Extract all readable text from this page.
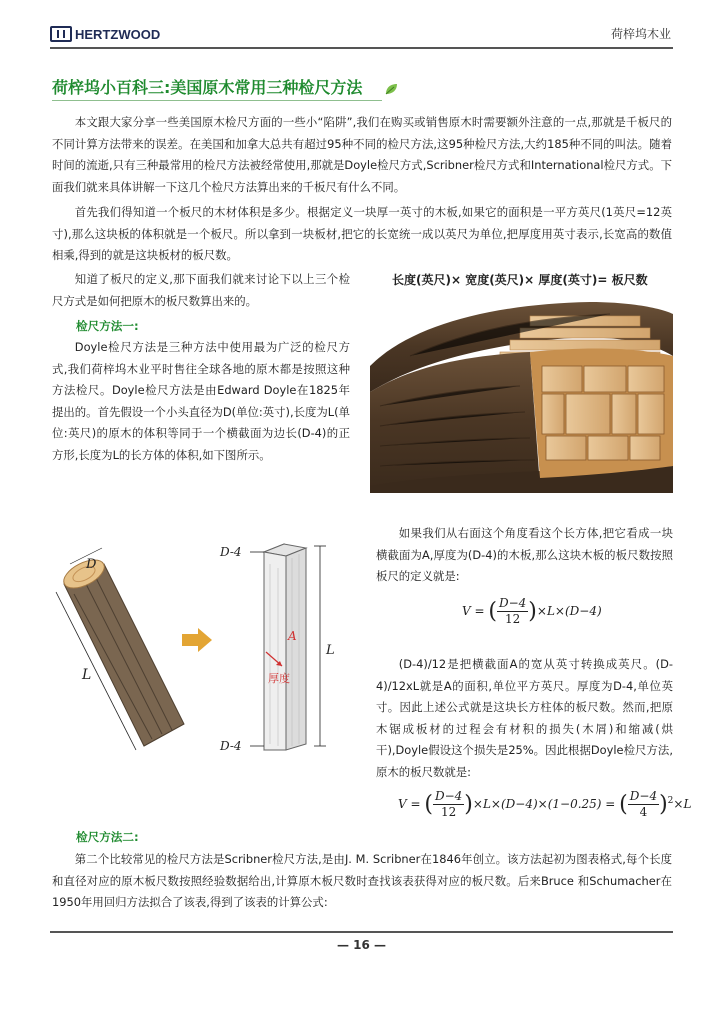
HERTZWOOD	荷梓坞木业
荷梓坞小百科三:美国原木常用三种检尺方法

本文跟大家分享一些美国原木检尺方面的一些小“陷阱”,我们在购买或销售原木时需要额外注意的一点,那就是千板尺的不同计算方法带来的误差。在美国和加拿大总共有超过95种不同的检尺方法,这95种检尺方法,大约185种不同的叫法。随着时间的流逝,只有三种最常用的检尺方法被经常使用,那就是Doyle检尺方式,Scribner检尺方式和International检尺方式。下面我们就来具体讲解一下这几个检尺方法算出来的千板尺有什么不同。

首先我们得知道一个板尺的木材体积是多少。根据定义一块厚一英寸的木板,如果它的面积是一平方英尺(1英尺=12英寸),那么这块板的体积就是一个板尺。所以拿到一块板材,把它的长宽统一成以英尺为单位,把厚度用英寸表示,长宽高的数值相乘,得到的就是这块板材的板尺数。

知道了板尺的定义,那下面我们就来讨论下以上三个检尺方式是如何把原木的板尺数算出来的。

检尺方法一:

Doyle检尺方法是三种方法中使用最为广泛的检尺方式,我们荷梓坞木业平时售往全球各地的原木都是按照这种方法检尺。Doyle检尺方法是由Edward Doyle在1825年提出的。首先假设一个小头直径为D(单位:英寸),长度为L(单位:英尺)的原木的体积等同于一个横截面为边长(D-4)的正方形,长度为L的长方体的体积,如下图所示。

长度(英尺)× 宽度(英尺)× 厚度(英寸)= 板尺数
D
L
L
D-4
D-4
A
厚度

如果我们从右面这个角度看这个长方体,把它看成一块横截面为A,厚度为(D-4)的木板,那么这块木板的板尺数按照板尺的定义就是:

V = ( $\frac{D-4}{12} )\times L\times(D-4)$

(D-4)/12是把横截面A的宽从英寸转换成英尺。(D-4)/12xL就是A的面积,单位平方英尺。厚度为D-4,单位英寸。因此上述公式就是这块长方柱体的板尺数。然而,把原木锯成板材的过程会有材积的损失(木屑)和缩减(烘干),Doyle假设这个损失是25%。因此根据Doyle检尺方法,原木的板尺数就是:

V = ( $\frac{D-4}{12} )\times L\times(D-4)\times(1-0.25)$ = ( $\frac{D-4}{4} )^2\times L$
检尺方法二:

第二个比较常见的检尺方法是Scribner检尺方法,是由J. M. Scribner在1846年创立。该方法起初为图表格式,每个长度和直径对应的原木板尺数按照经验数据给出,计算原木板尺数时查找该表获得对应的板尺数。后来Bruce 和Schumacher在1950年用回归方法拟合了该表,得到了该表的计算公式:

— 16 —
